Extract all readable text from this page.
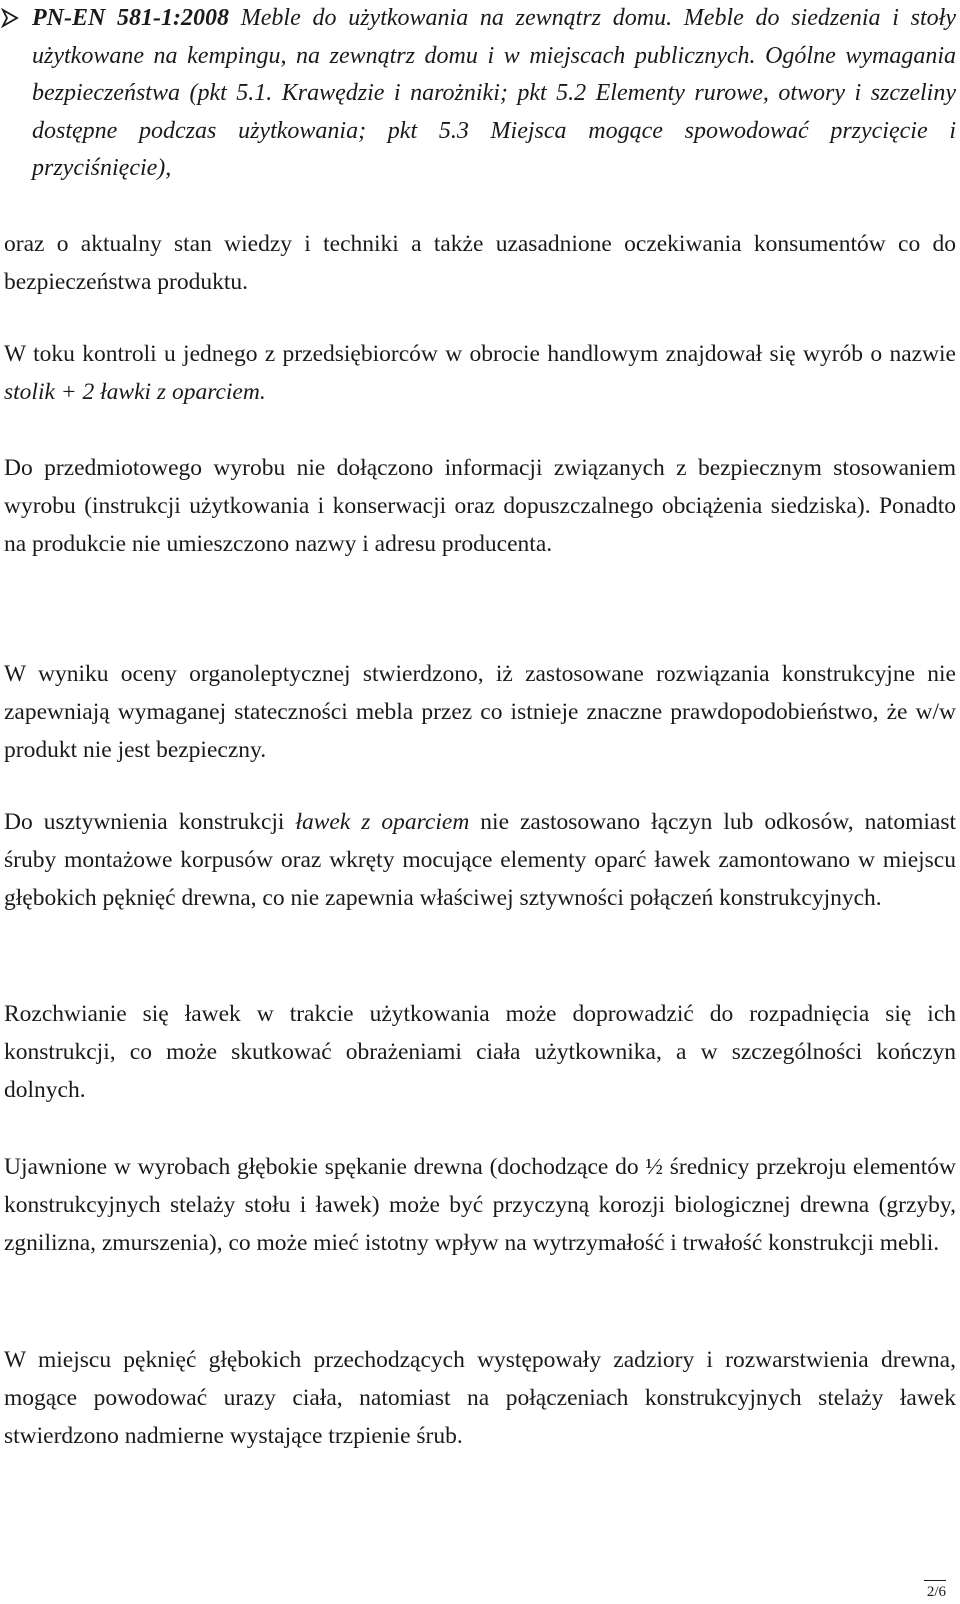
PN-EN 581-1:2008 Meble do użytkowania na zewnątrz domu. Meble do siedzenia i stoły użytkowane na kempingu, na zewnątrz domu i w miejscach publicznych. Ogólne wymagania bezpieczeństwa (pkt 5.1. Krawędzie i narożniki; pkt 5.2 Elementy rurowe, otwory i szczeliny dostępne podczas użytkowania; pkt 5.3 Miejsca mogące spowodować przycięcie i przyciśnięcie),

oraz o aktualny stan wiedzy i techniki a także uzasadnione oczekiwania konsumentów co do bezpieczeństwa produktu.

W toku kontroli u jednego z przedsiębiorców w obrocie handlowym znajdował się wyrób o nazwie stolik + 2 ławki z oparciem.

Do przedmiotowego wyrobu nie dołączono informacji związanych z bezpiecznym stosowaniem wyrobu (instrukcji użytkowania i konserwacji oraz dopuszczalnego obciążenia siedziska). Ponadto na produkcie nie umieszczono nazwy i adresu producenta.

W wyniku oceny organoleptycznej stwierdzono, iż zastosowane rozwiązania konstrukcyjne nie zapewniają wymaganej stateczności mebla przez co istnieje znaczne prawdopodobieństwo, że w/w produkt nie jest bezpieczny.

Do usztywnienia konstrukcji ławek z oparciem nie zastosowano łączyn lub odkosów, natomiast śruby montażowe korpusów oraz wkręty mocujące elementy oparć ławek zamontowano w miejscu głębokich pęknięć drewna, co nie zapewnia właściwej sztywności połączeń konstrukcyjnych.

Rozchwianie się ławek w trakcie użytkowania może doprowadzić do rozpadnięcia się ich konstrukcji, co może skutkować obrażeniami ciała użytkownika, a w szczególności kończyn dolnych.

Ujawnione w wyrobach głębokie spękanie drewna (dochodzące do ½ średnicy przekroju elementów konstrukcyjnych stelaży stołu i ławek) może być przyczyną korozji biologicznej drewna (grzyby, zgnilizna, zmurszenia), co może mieć istotny wpływ na wytrzymałość i trwałość konstrukcji mebli.

W miejscu pęknięć głębokich przechodzących występowały zadziory i rozwarstwienia drewna, mogące powodować urazy ciała, natomiast na połączeniach konstrukcyjnych stelaży ławek stwierdzono nadmierne wystające trzpienie śrub.

2/6
